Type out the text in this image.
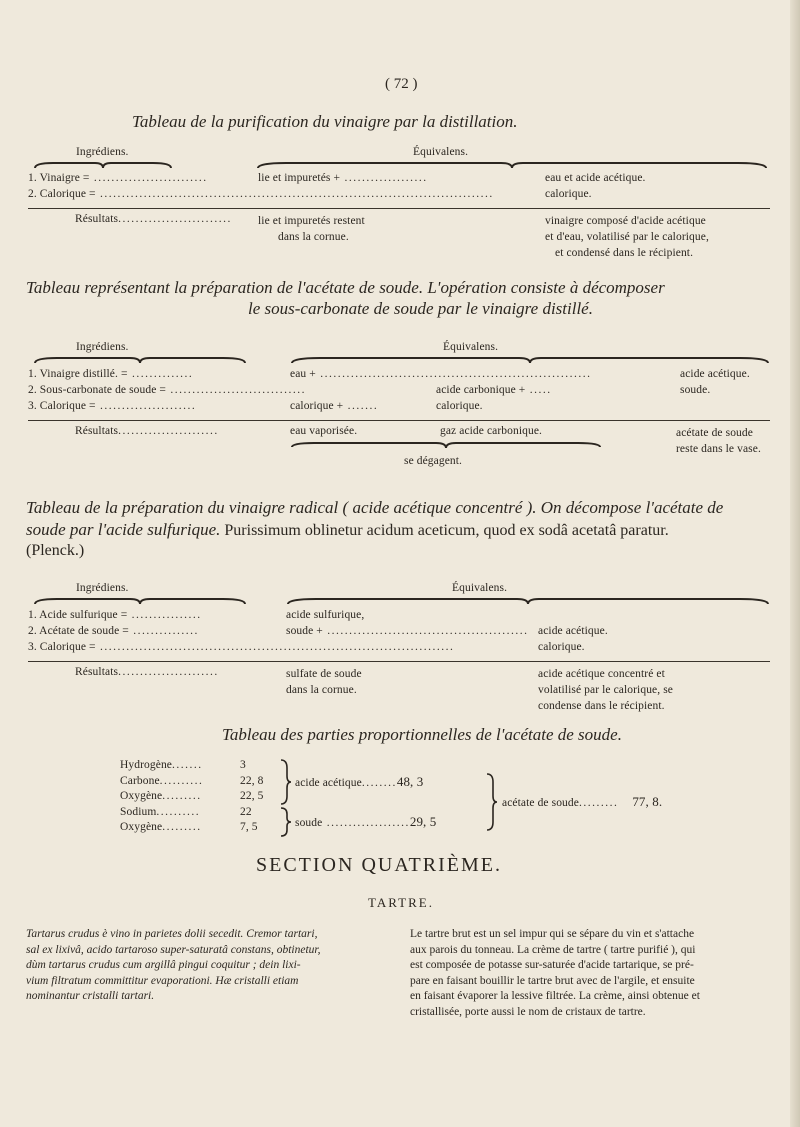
( 72 )
Tableau de la purification du vinaigre par la distillation.
Ingrédiens.	Équivalens.
1. Vinaigre = ..........................	lie et impuretés + ...................	eau et acide acétique.
2. Calorique = ..........................................................................................	calorique.
Résultats.......................... lie et impuretés restent
dans la cornue.
vinaigre composé d'acide acétique
et d'eau, volatilisé par le calorique,
et condensé dans le récipient.
Tableau représentant la préparation de l'acétate de soude. L'opération consiste à décomposer
le sous-carbonate de soude par le vinaigre distillé.
Ingrédiens.	Équivalens.
1. Vinaigre distillé. = ..............	eau + ..............................................................	acide acétique.
2. Sous-carbonate de soude = ...............................	acide carbonique + .....	soude.
3. Calorique = ......................	calorique + .......	calorique.
Résultats.......................	eau vaporisée.	gaz acide carbonique.	acétate de soude
reste dans le vase.
se dégagent.
Tableau de la préparation du vinaigre radical ( acide acétique concentré ). On décompose l'acétate de
soude par l'acide sulfurique. Purissimum oblinetur acidum aceticum, quod ex sodâ acetatâ paratur.
(Plenck.)
Ingrédiens.	Équivalens.
1. Acide sulfurique = ................	acide sulfurique,
2. Acétate de soude = ...............	soude + .............................................. acide acétique.
3. Calorique = .................................................................................	calorique.
Résultats.......................	sulfate de soude
dans la cornue.
acide acétique concentré et
volatilisé par le calorique, se
condense dans le récipient.
Tableau des parties proportionnelles de l'acétate de soude.
Hydrogène.......	3
Carbone..........	22, 8
Oxygène.........	22, 5
Sodium..........	22
Oxygène.........	7, 5
acide acétique........48, 3
soude ...................29, 5
acétate de soude......... 77, 8.
SECTION QUATRIÈME.
TARTRE.
Tartarus crudus è vino in parietes dolii secedit. Cremor tartari,
sal ex lixivâ, acido tartaroso super-saturatâ constans, obtinetur,
dùm tartarus crudus cum argillâ pingui coquitur ; dein lixi-
vium filtratum committitur evaporationi. Hæ cristalli etiam
nominantur cristalli tartari.
Le tartre brut est un sel impur qui se sépare du vin et s'attache
aux parois du tonneau. La crème de tartre ( tartre purifié ), qui
est composée de potasse sur-saturée d'acide tartarique, se pré-
pare en faisant bouillir le tartre brut avec de l'argile, et ensuite
en faisant évaporer la lessive filtrée. La crème, ainsi obtenue et
cristallisée, porte aussi le nom de cristaux de tartre.
